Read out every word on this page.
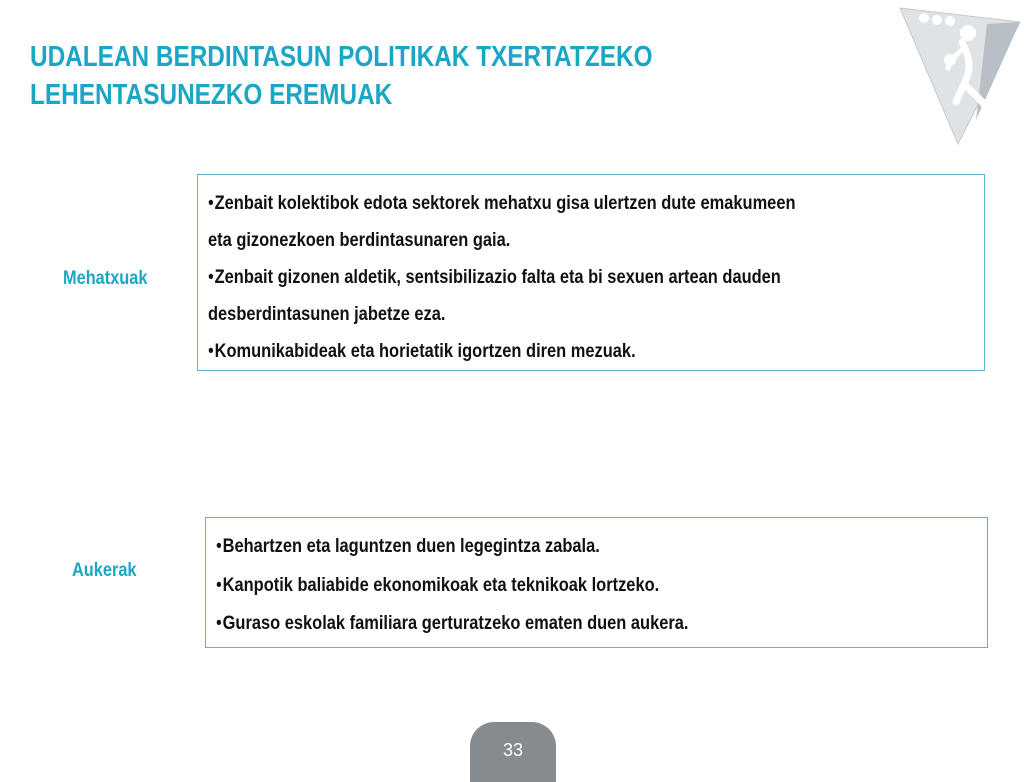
UDALEAN BERDINTASUN POLITIKAK TXERTATZEKO
LEHENTASUNEZKO EREMUAK
Mehatxuak
• Zenbait kolektibok edota sektorek mehatxu gisa ulertzen dute emakumeen
eta gizonezkoen berdintasunaren gaia.
• Zenbait gizonen aldetik, sentsibilizazio falta eta bi sexuen artean dauden
desberdintasunen jabetze eza.
• Komunikabideak eta horietatik igortzen diren mezuak.
Aukerak
• Behartzen eta laguntzen duen legegintza zabala.
• Kanpotik baliabide ekonomikoak eta teknikoak lortzeko.
• Guraso eskolak familiara gerturatzeko ematen duen aukera.
33
